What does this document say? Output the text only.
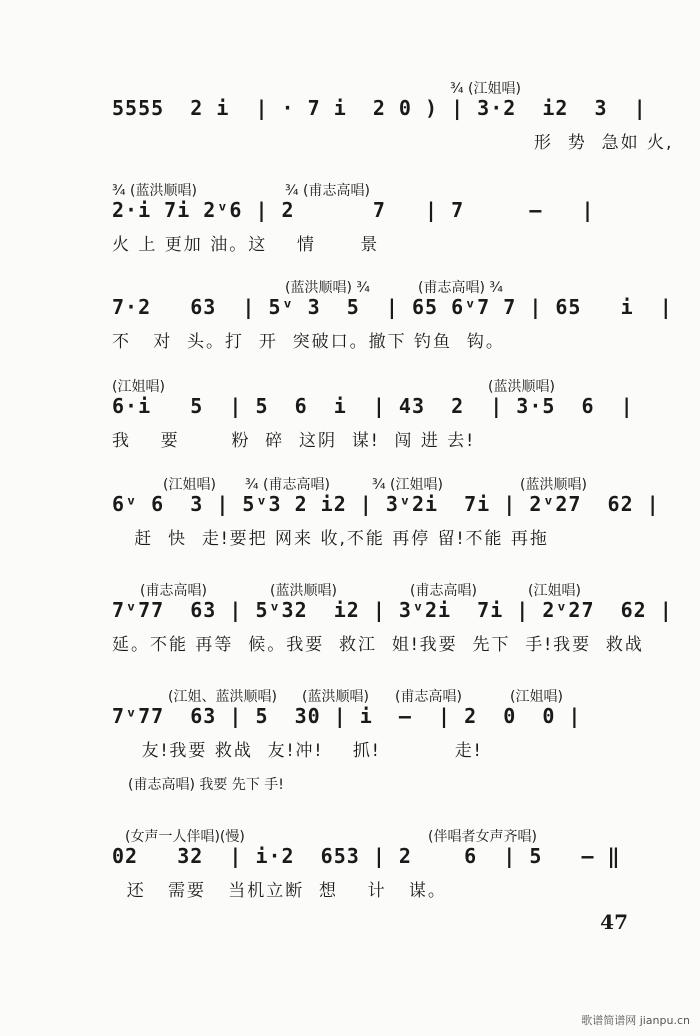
¾ (江姐唱)
5555  2 i  | · 7 i  2 0 ) | 3·2  i2  3  |
形  势  急如 火,
¾ (蓝洪顺唱)	¾ (甫志高唱)
2·i 7i 2ᵛ6 | 2      7   | 7     —   |
火 上 更加 油。这    情      景
(蓝洪顺唱) ¾	(甫志高唱) ¾
7·2   63  | 5ᵛ 3  5  | 65 6ᵛ7 7 | 65   i  |
不   对  头。打  开  突破口。撤下 钓鱼  钩。
(江姐唱)	(蓝洪顺唱)
6·i   5  | 5  6  i  | 43  2  | 3·5  6  |
我    要       粉  碎  这阴  谋!  闯 进 去!
(江姐唱) ¾ (甫志高唱)	¾ (江姐唱)	(蓝洪顺唱)
6ᵛ 6  3 | 5ᵛ3 2 i2 | 3ᵛ2i  7i | 2ᵛ27  62 |
赶  快  走!要把 网来 收,不能 再停 留!不能 再拖
(甫志高唱)	(蓝洪顺唱)	(甫志高唱)	(江姐唱)
7ᵛ77  63 | 5ᵛ32  i2 | 3ᵛ2i  7i | 2ᵛ27  62 |
延。不能 再等  候。我要  救江  姐!我要  先下  手!我要  救战
(江姐、蓝洪顺唱) (蓝洪顺唱) (甫志高唱)	(江姐唱)
7ᵛ77  63 | 5  30 | i  —  | 2  0  0 |
友!我要 救战  友!冲!    抓!          走!
(甫志高唱) 我要 先下 手!
(女声一人伴唱)(慢)	(伴唱者女声齐唱)
02   32  | i·2  653 | 2    6  | 5   — ‖
还   需要   当机立断  想    计   谋。
47
歌谱简谱网 jianpu.cn
